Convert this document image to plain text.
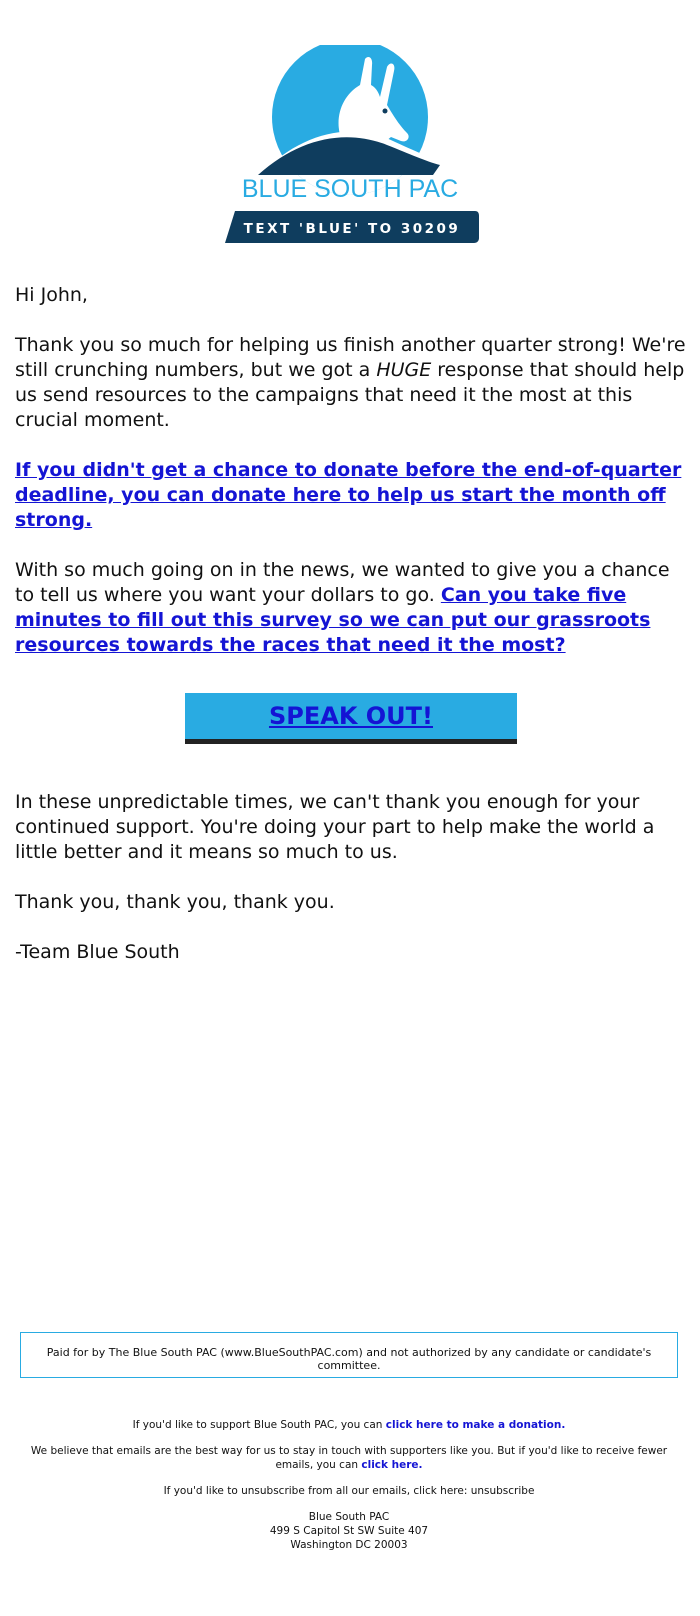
BLUE SOUTH PAC
TEXT 'BLUE' TO 30209

Hi John,

Thank you so much for helping us finish another quarter strong! We're still crunching numbers, but we got a HUGE response that should help us send resources to the campaigns that need it the most at this crucial moment.

If you didn't get a chance to donate before the end-of-quarter deadline, you can donate here to help us start the month off strong.

With so much going on in the news, we wanted to give you a chance to tell us where you want your dollars to go. Can you take five minutes to fill out this survey so we can put our grassroots resources towards the races that need it the most?

SPEAK OUT!

In these unpredictable times, we can't thank you enough for your continued support. You're doing your part to help make the world a little better and it means so much to us.

Thank you, thank you, thank you.

-Team Blue South

Paid for by The Blue South PAC (www.BlueSouthPAC.com) and not authorized by any candidate or candidate's committee.

If you'd like to support Blue South PAC, you can click here to make a donation.

We believe that emails are the best way for us to stay in touch with supporters like you. But if you'd like to receive fewer emails, you can click here.

If you'd like to unsubscribe from all our emails, click here: unsubscribe

Blue South PAC
499 S Capitol St SW Suite 407
Washington DC 20003
